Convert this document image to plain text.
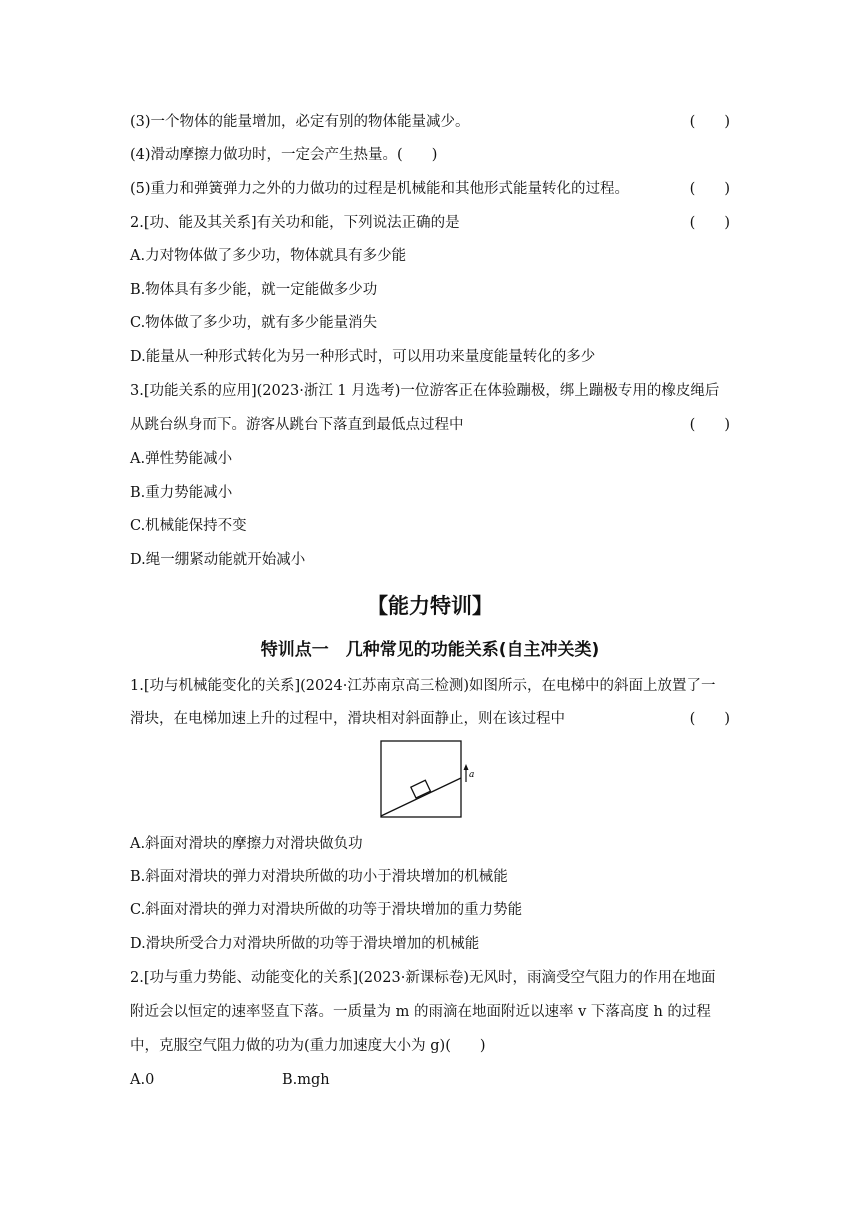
(3)一个物体的能量增加，必定有别的物体能量减少。	(　　)
(4)滑动摩擦力做功时，一定会产生热量。(　　)
(5)重力和弹簧弹力之外的力做功的过程是机械能和其他形式能量转化的过程。	(　　)
2.[功、能及其关系]有关功和能，下列说法正确的是	(　　)
A.力对物体做了多少功，物体就具有多少能
B.物体具有多少能，就一定能做多少功
C.物体做了多少功，就有多少能量消失
D.能量从一种形式转化为另一种形式时，可以用功来量度能量转化的多少
3.[功能关系的应用](2023·浙江 1 月选考)一位游客正在体验蹦极，绑上蹦极专用的橡皮绳后
从跳台纵身而下。游客从跳台下落直到最低点过程中	(　　)
A.弹性势能减小
B.重力势能减小
C.机械能保持不变
D.绳一绷紧动能就开始减小
【能力特训】
特训点一　几种常见的功能关系(自主冲关类)
1.[功与机械能变化的关系](2024·江苏南京高三检测)如图所示，在电梯中的斜面上放置了一
滑块，在电梯加速上升的过程中，滑块相对斜面静止，则在该过程中	(　　)
a
A.斜面对滑块的摩擦力对滑块做负功
B.斜面对滑块的弹力对滑块所做的功小于滑块增加的机械能
C.斜面对滑块的弹力对滑块所做的功等于滑块增加的重力势能
D.滑块所受合力对滑块所做的功等于滑块增加的机械能
2.[功与重力势能、动能变化的关系](2023·新课标卷)无风时，雨滴受空气阻力的作用在地面
附近会以恒定的速率竖直下落。一质量为 m 的雨滴在地面附近以速率 v 下落高度 h 的过程
中，克服空气阻力做的功为(重力加速度大小为 g)(　　)
A.0	B.mgh
